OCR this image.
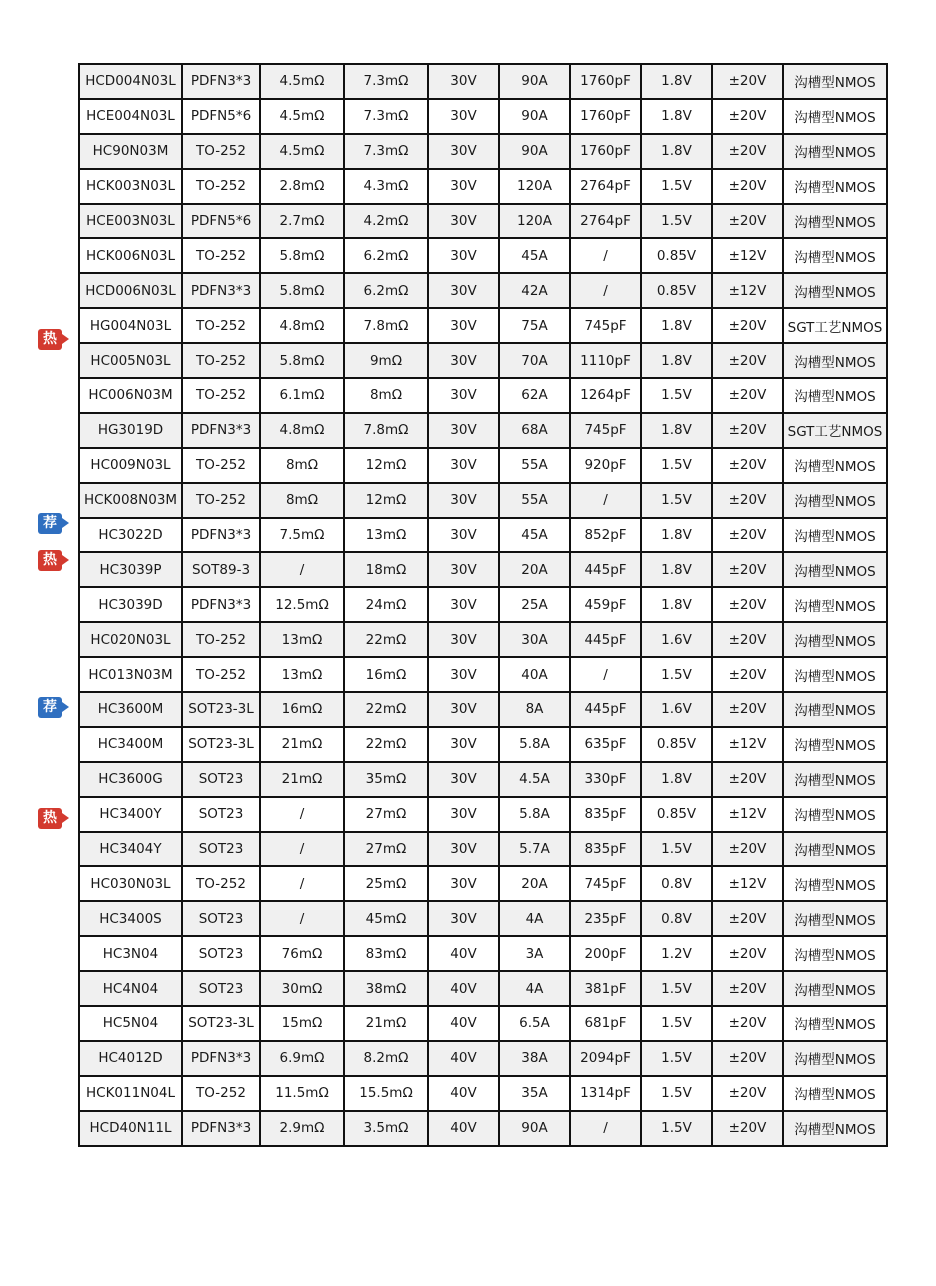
热
荐
热
荐
热
HCD004N03L	PDFN3*3	4.5mΩ	7.3mΩ	30V	90A	1760pF	1.8V	±20V	沟槽型NMOS
HCE004N03L	PDFN5*6	4.5mΩ	7.3mΩ	30V	90A	1760pF	1.8V	±20V	沟槽型NMOS
HC90N03M	TO-252	4.5mΩ	7.3mΩ	30V	90A	1760pF	1.8V	±20V	沟槽型NMOS
HCK003N03L	TO-252	2.8mΩ	4.3mΩ	30V	120A	2764pF	1.5V	±20V	沟槽型NMOS
HCE003N03L	PDFN5*6	2.7mΩ	4.2mΩ	30V	120A	2764pF	1.5V	±20V	沟槽型NMOS
HCK006N03L	TO-252	5.8mΩ	6.2mΩ	30V	45A	/	0.85V	±12V	沟槽型NMOS
HCD006N03L	PDFN3*3	5.8mΩ	6.2mΩ	30V	42A	/	0.85V	±12V	沟槽型NMOS
HG004N03L	TO-252	4.8mΩ	7.8mΩ	30V	75A	745pF	1.8V	±20V	SGT工艺NMOS
HC005N03L	TO-252	5.8mΩ	9mΩ	30V	70A	1110pF	1.8V	±20V	沟槽型NMOS
HC006N03M	TO-252	6.1mΩ	8mΩ	30V	62A	1264pF	1.5V	±20V	沟槽型NMOS
HG3019D	PDFN3*3	4.8mΩ	7.8mΩ	30V	68A	745pF	1.8V	±20V	SGT工艺NMOS
HC009N03L	TO-252	8mΩ	12mΩ	30V	55A	920pF	1.5V	±20V	沟槽型NMOS
HCK008N03M	TO-252	8mΩ	12mΩ	30V	55A	/	1.5V	±20V	沟槽型NMOS
HC3022D	PDFN3*3	7.5mΩ	13mΩ	30V	45A	852pF	1.8V	±20V	沟槽型NMOS
HC3039P	SOT89-3	/	18mΩ	30V	20A	445pF	1.8V	±20V	沟槽型NMOS
HC3039D	PDFN3*3	12.5mΩ	24mΩ	30V	25A	459pF	1.8V	±20V	沟槽型NMOS
HC020N03L	TO-252	13mΩ	22mΩ	30V	30A	445pF	1.6V	±20V	沟槽型NMOS
HC013N03M	TO-252	13mΩ	16mΩ	30V	40A	/	1.5V	±20V	沟槽型NMOS
HC3600M	SOT23-3L	16mΩ	22mΩ	30V	8A	445pF	1.6V	±20V	沟槽型NMOS
HC3400M	SOT23-3L	21mΩ	22mΩ	30V	5.8A	635pF	0.85V	±12V	沟槽型NMOS
HC3600G	SOT23	21mΩ	35mΩ	30V	4.5A	330pF	1.8V	±20V	沟槽型NMOS
HC3400Y	SOT23	/	27mΩ	30V	5.8A	835pF	0.85V	±12V	沟槽型NMOS
HC3404Y	SOT23	/	27mΩ	30V	5.7A	835pF	1.5V	±20V	沟槽型NMOS
HC030N03L	TO-252	/	25mΩ	30V	20A	745pF	0.8V	±12V	沟槽型NMOS
HC3400S	SOT23	/	45mΩ	30V	4A	235pF	0.8V	±20V	沟槽型NMOS
HC3N04	SOT23	76mΩ	83mΩ	40V	3A	200pF	1.2V	±20V	沟槽型NMOS
HC4N04	SOT23	30mΩ	38mΩ	40V	4A	381pF	1.5V	±20V	沟槽型NMOS
HC5N04	SOT23-3L	15mΩ	21mΩ	40V	6.5A	681pF	1.5V	±20V	沟槽型NMOS
HC4012D	PDFN3*3	6.9mΩ	8.2mΩ	40V	38A	2094pF	1.5V	±20V	沟槽型NMOS
HCK011N04L	TO-252	11.5mΩ	15.5mΩ	40V	35A	1314pF	1.5V	±20V	沟槽型NMOS
HCD40N11L	PDFN3*3	2.9mΩ	3.5mΩ	40V	90A	/	1.5V	±20V	沟槽型NMOS
